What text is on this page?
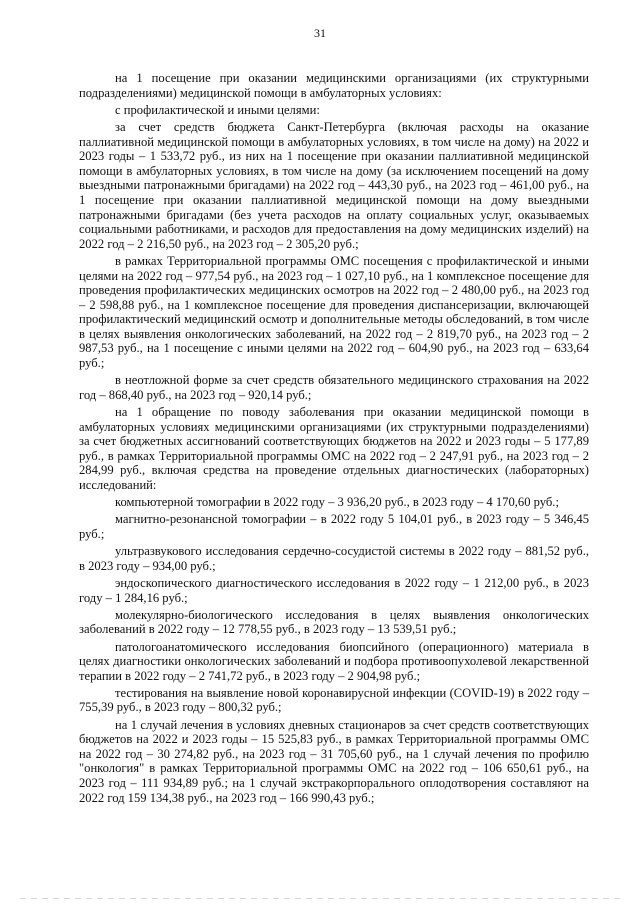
31

на 1 посещение при оказании медицинскими организациями (их структурными подразделениями) медицинской помощи в амбулаторных условиях:

с профилактической и иными целями:

за счет средств бюджета Санкт-Петербурга (включая расходы на оказание паллиативной медицинской помощи в амбулаторных условиях, в том числе на дому) на 2022 и 2023 годы – 1 533,72 руб., из них на 1 посещение при оказании паллиативной медицинской помощи в амбулаторных условиях, в том числе на дому (за исключением посещений на дому выездными патронажными бригадами) на 2022 год – 443,30 руб., на 2023 год – 461,00 руб., на 1 посещение при оказании паллиативной медицинской помощи на дому выездными патронажными бригадами (без учета расходов на оплату социальных услуг, оказываемых социальными работниками, и расходов для предоставления на дому медицинских изделий) на 2022 год – 2 216,50 руб., на 2023 год – 2 305,20 руб.;

в рамках Территориальной программы ОМС посещения с профилактической и иными целями на 2022 год – 977,54 руб., на 2023 год – 1 027,10 руб., на 1 комплексное посещение для проведения профилактических медицинских осмотров на 2022 год – 2 480,00 руб., на 2023 год – 2 598,88 руб., на 1 комплексное посещение для проведения диспансеризации, включающей профилактический медицинский осмотр и дополнительные методы обследований, в том числе в целях выявления онкологических заболеваний, на 2022 год – 2 819,70 руб., на 2023 год – 2 987,53 руб., на 1 посещение с иными целями на 2022 год – 604,90 руб., на 2023 год – 633,64 руб.;

в неотложной форме за счет средств обязательного медицинского страхования на 2022 год – 868,40 руб., на 2023 год – 920,14 руб.;

на 1 обращение по поводу заболевания при оказании медицинской помощи в амбулаторных условиях медицинскими организациями (их структурными подразделениями) за счет бюджетных ассигнований соответствующих бюджетов на 2022 и 2023 годы – 5 177,89 руб., в рамках Территориальной программы ОМС на 2022 год – 2 247,91 руб., на 2023 год – 2 284,99 руб., включая средства на проведение отдельных диагностических (лабораторных) исследований:

компьютерной томографии в 2022 году – 3 936,20 руб., в 2023 году – 4 170,60 руб.;

магнитно-резонансной томографии – в 2022 году 5 104,01 руб., в 2023 году – 5 346,45 руб.;

ультразвукового исследования сердечно-сосудистой системы в 2022 году – 881,52 руб., в 2023 году – 934,00 руб.;

эндоскопического диагностического исследования в 2022 году – 1 212,00 руб., в 2023 году – 1 284,16 руб.;

молекулярно-биологического исследования в целях выявления онкологических заболеваний в 2022 году – 12 778,55 руб., в 2023 году – 13 539,51 руб.;

патологоанатомического исследования биопсийного (операционного) материала в целях диагностики онкологических заболеваний и подбора противоопухолевой лекарственной терапии в 2022 году – 2 741,72 руб., в 2023 году – 2 904,98 руб.;

тестирования на выявление новой коронавирусной инфекции (COVID-19) в 2022 году – 755,39 руб., в 2023 году – 800,32 руб.;

на 1 случай лечения в условиях дневных стационаров за счет средств соответствующих бюджетов на 2022 и 2023 годы – 15 525,83 руб., в рамках Территориальной программы ОМС на 2022 год – 30 274,82 руб., на 2023 год – 31 705,60 руб., на 1 случай лечения по профилю "онкология" в рамках Территориальной программы ОМС на 2022 год – 106 650,61 руб., на 2023 год – 111 934,89 руб.; на 1 случай экстракорпорального оплодотворения составляют на 2022 год 159 134,38 руб., на 2023 год – 166 990,43 руб.;
